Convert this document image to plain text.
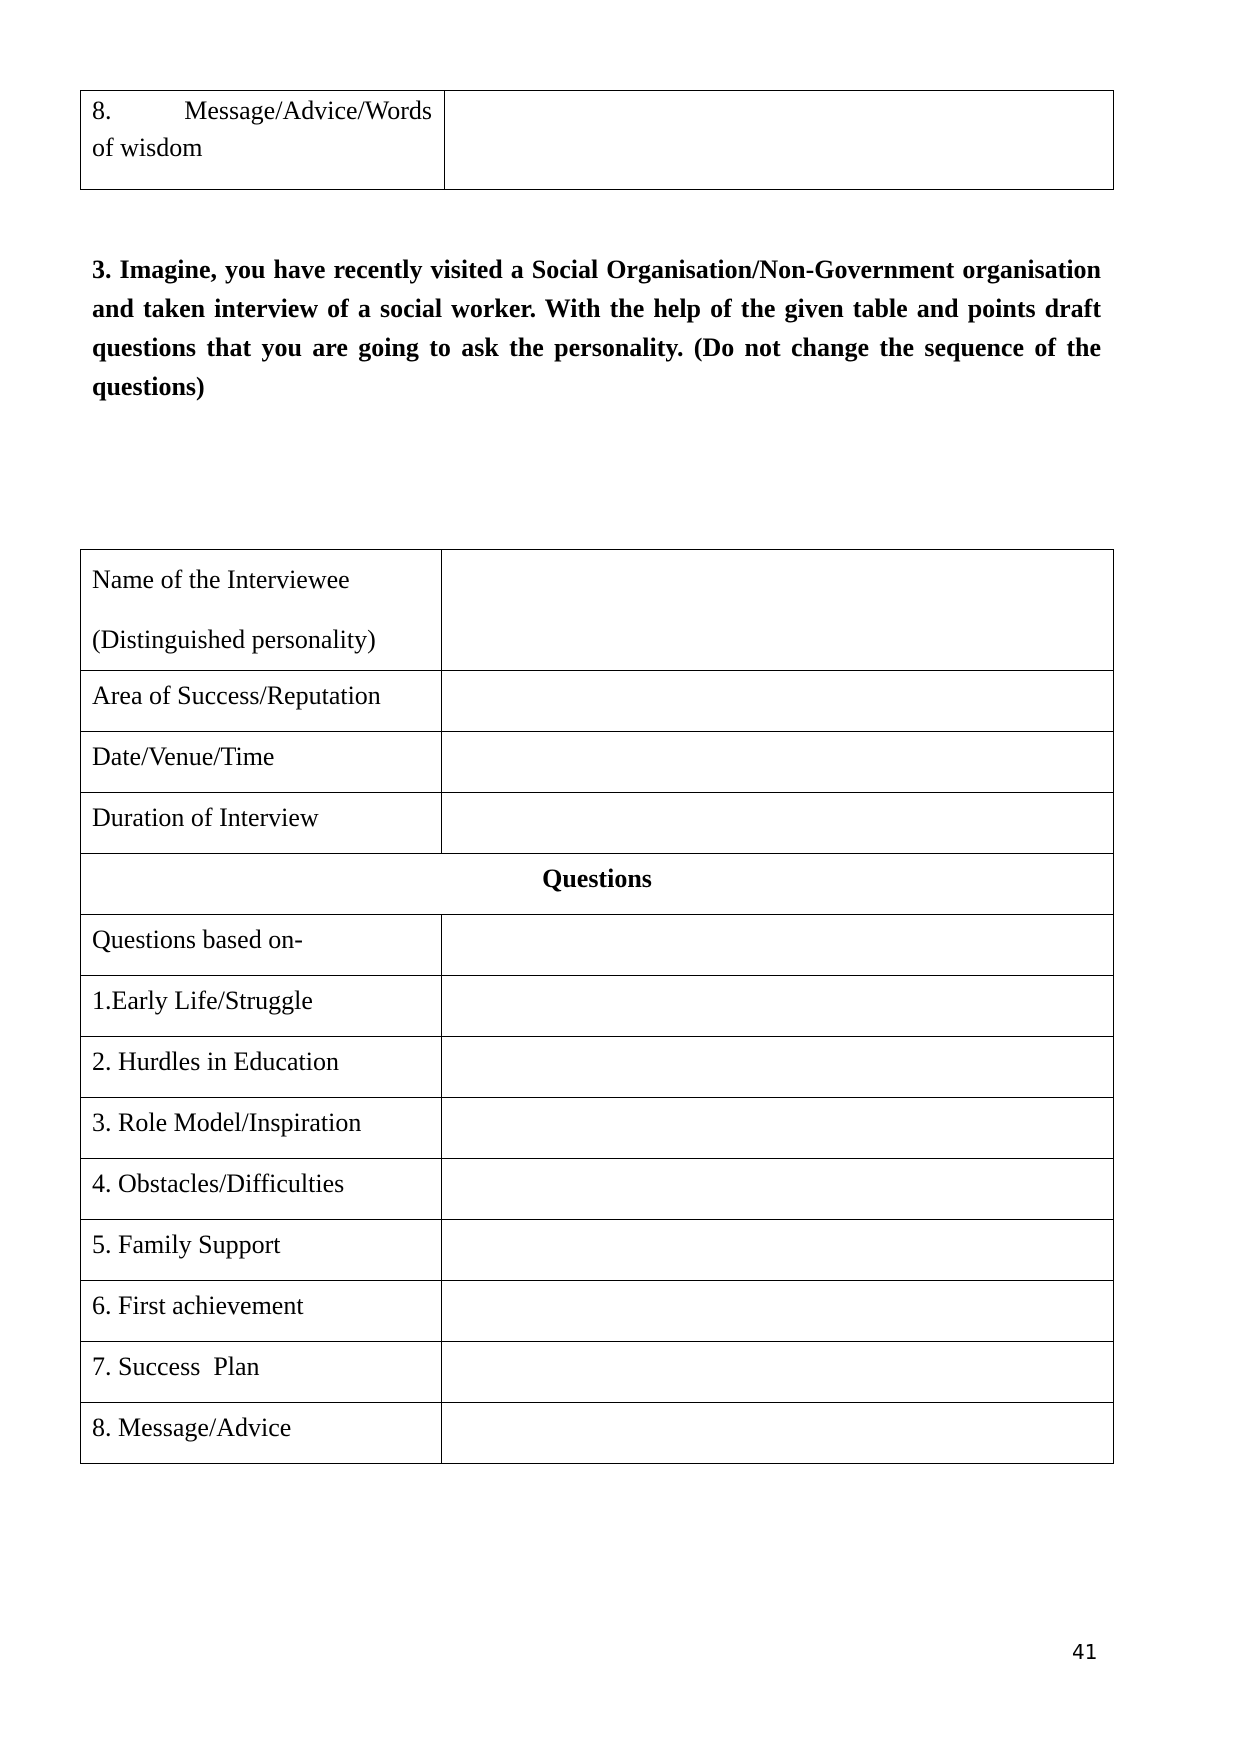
8.     Message/Advice/Words
of wisdom

3. Imagine, you have recently visited a Social Organisation/Non-Government organisation and taken interview of a social worker. With the help of the given table and points draft questions that you are going to ask the personality. (Do not change the sequence of the questions)
Name of the Interviewee
(Distinguished personality)	

Area of Success/Reputation	

Date/Venue/Time	

Duration of Interview	

Questions	

Questions based on-	

1.Early Life/Struggle	

2. Hurdles in Education	

3. Role Model/Inspiration	

4. Obstacles/Difficulties	

5. Family Support	

6. First achievement	

7. Success  Plan	

8. Message/Advice	

41
